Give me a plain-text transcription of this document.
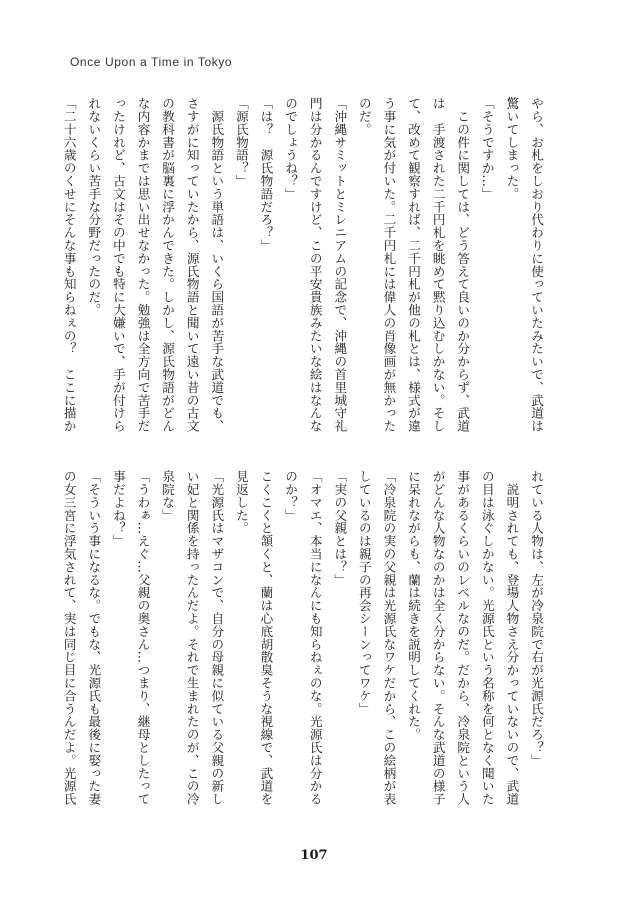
Once Upon a Time in Tokyo

やら、お札をしおり代わりに使っていたみたいで、武道は

驚いてしまった。

「そうですか…」

　この件に関しては、どう答えて良いのか分からず、武道

は　手渡された二千円札を眺めて黙り込むしかない。そし

て、改めて観察すれば、二千円札が他の札とは、様式が違

う事に気が付いた。二千円札には偉人の肖像画が無かった

のだ。

「沖縄サミットとミレニアムの記念で、沖縄の首里城守礼

門は分かるんですけど、この平安貴族みたいな絵はなんな

のでしょうね？」

「は？　源氏物語だろ？」

「源氏物語？」

　源氏物語という単語は、いくら国語が苦手な武道でも、

さすがに知っていたから、源氏物語と聞いて遠い昔の古文

の教科書が脳裏に浮かんできた。しかし、源氏物語がどん

な内容かまでは思い出せなかった。勉強は全方向で苦手だ

ったけれど、古文はその中でも特に大嫌いで、手が付けら

れないくらい苦手な分野だったのだ。

「二十六歳のくせにそんな事も知らねぇの？　ここに描か

れている人物は、左が冷泉院で右が光源氏だろ？」

　説明されても、登場人物さえ分かっていないので、武道

の目は泳ぐしかない。光源氏という名称を何となく聞いた

事があるくらいのレベルなのだ。だから、冷泉院という人

がどんな人物なのかは全く分からない。そんな武道の様子

に呆れながらも、蘭は続きを説明してくれた。

「冷泉院の実の父親は光源氏なワケだから、この絵柄が表

しているのは親子の再会シーンってワケ」

「実の父親とは？」

「オマエ、本当になんにも知らねぇのな。光源氏は分かる

のか？」

こくこくと頷くと、蘭は心底胡散臭そうな視線で、武道を

見返した。

「光源氏はマザコンで、自分の母親に似ている父親の新し

い妃と関係を持ったんだよ。それで生まれたのが、この冷

泉院な」

「うわぁ…えぐ…父親の奥さん…つまり、継母としたって

事だよね？」

「そういう事になるな。でもな、光源氏も最後に娶った妻

の女三宮に浮気されて、実は同じ目に合うんだよ。光源氏

107
